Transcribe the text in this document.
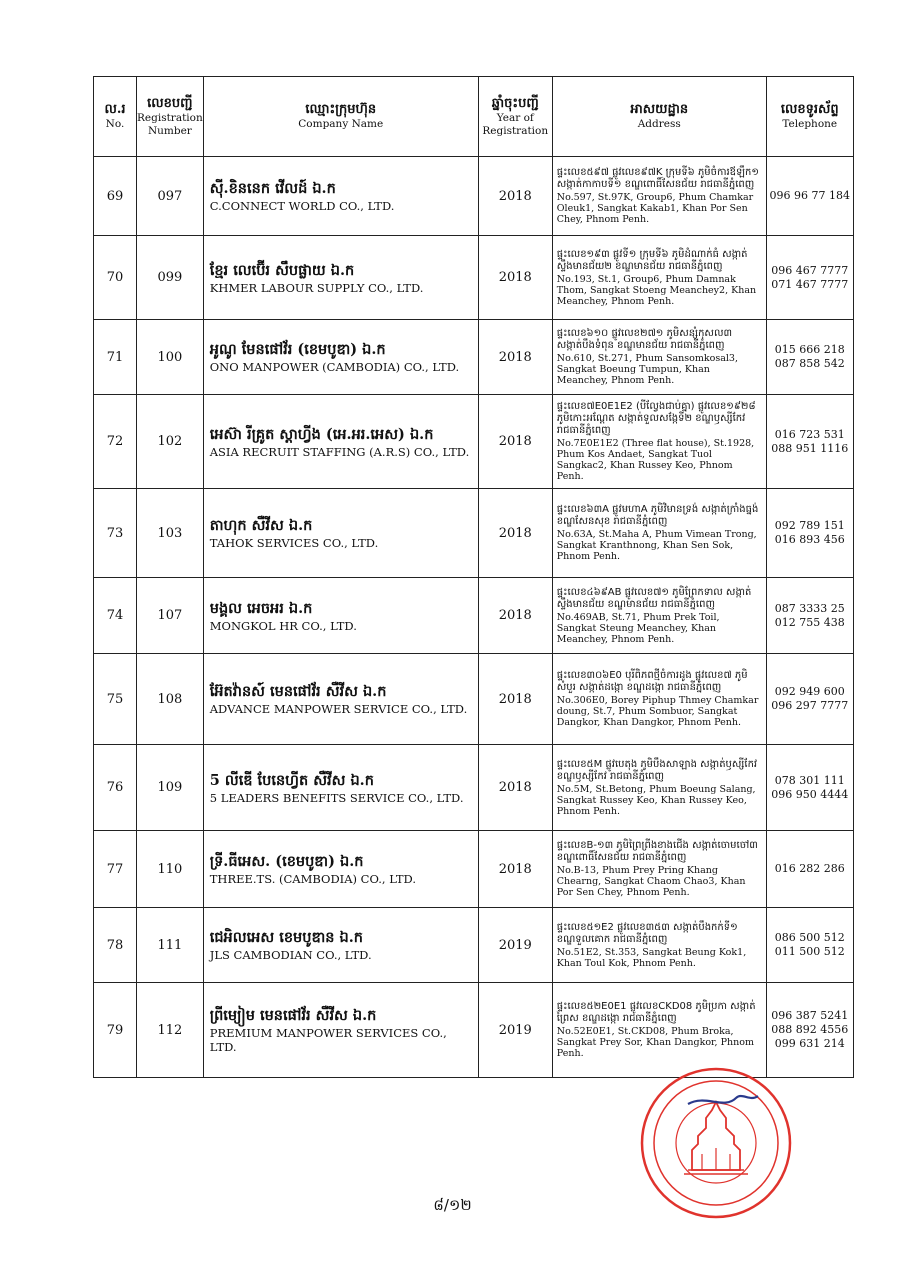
ល.រ
No.	លេខបញ្ជី
Registration Number	ឈ្មោះក្រុមហ៊ុន
Company Name	ឆ្នាំចុះបញ្ជី
Year of Registration	អាសយដ្ឋាន
Address	លេខទូរស័ព្ទ
Telephone

69	097	ស៊ី.ខិននេក វើលដ៍ ឯ.ក
C.CONNECT WORLD CO., LTD.	2018	ផ្ទះលេខ៥៩៧ ផ្លូវលេខ៩៧K ក្រុមទី៦ ភូមិចំការឪឡឹក១ សង្កាត់កាកាបទី១ ខណ្ឌពោធិ៍សែនជ័យ រាជធានីភ្នំពេញ
No.597, St.97K, Group6, Phum Chamkar Oleuk1, Sangkat Kakab1, Khan Por Sen Chey, Phnom Penh.	096 96 77 184

70	099	ខ្មែរ លេប៊ើរ សឹបផ្លាយ ឯ.ក
KHMER LABOUR SUPPLY CO., LTD.	2018	ផ្ទះលេខ១៩៣ ផ្លូវទី១ ក្រុមទី៦ ភូមិដំណាក់ធំ សង្កាត់ស្ទឹងមានជ័យ២ ខណ្ឌមានជ័យ រាជធានីភ្នំពេញ
No.193, St.1, Group6, Phum Damnak Thom, Sangkat Stoeng Meanchey2, Khan Meanchey, Phnom Penh.	096 467 7777
071 467 7777

71	100	អូណូ មែនផៅវ័រ (ខេមបូឌា) ឯ.ក
ONO MANPOWER (CAMBODIA) CO., LTD.	2018	ផ្ទះលេខ៦១០ ផ្លូវលេខ២៧១ ភូមិសន្សំកុសល៣ សង្កាត់បឹងទំពុន ខណ្ឌមានជ័យ រាជធានីភ្នំពេញ
No.610, St.271, Phum Sansomkosal3, Sangkat Boeung Tumpun, Khan Meanchey, Phnom Penh.	015 666 218
087 858 542

72	102	អេស៊ា រីគ្រូត ស្តាហ្វីង (អេ.អរ.អេស) ឯ.ក
ASIA RECRUIT STAFFING (A.R.S) CO., LTD.	2018	ផ្ទះលេខ៧E0E1E2 (បីល្វែងជាប់គ្នា) ផ្លូវលេខ១៩២៨ ភូមិកោះអណ្ដែត សង្កាត់ទួលសង្កែទី២ ខណ្ឌឫស្សីកែវ រាជធានីភ្នំពេញ
No.7E0E1E2 (Three flat house), St.1928, Phum Kos Andaet, Sangkat Tuol Sangkac2, Khan Russey Keo, Phnom Penh.	016 723 531
088 951 1116

73	103	តាហុក សឺវីស ឯ.ក
TAHOK SERVICES CO., LTD.	2018	ផ្ទះលេខ៦៣A ផ្លូវមហាA ភូមិវិមានទ្រង់ សង្កាត់ក្រាំងធ្នង់ ខណ្ឌសែនសុខ រាជធានីភ្នំពេញ
No.63A, St.Maha A, Phum Vimean Trong, Sangkat Kranthnong, Khan Sen Sok, Phnom Penh.	092 789 151
016 893 456

74	107	មង្គល អេចអរ ឯ.ក
MONGKOL HR CO., LTD.	2018	ផ្ទះលេខ៤៦៩AB ផ្លូវលេខ៧១ ភូមិព្រែកទាល សង្កាត់ស្ទឹងមានជ័យ ខណ្ឌមានជ័យ រាជធានីភ្នំពេញ
No.469AB, St.71, Phum Prek Toil, Sangkat Steung Meanchey, Khan Meanchey, Phnom Penh.	087 3333 25
012 755 438

75	108	អ៊ែតវ៉ានស៍ មេនផៅវ័រ សឺវីស ឯ.ក
ADVANCE MANPOWER SERVICE CO., LTD.	2018	ផ្ទះលេខ៣០៦E0 បុរីពិភពថ្មីចំការដូង ផ្លូវលេខ៧ ភូមិសំបួរ សង្កាត់ដង្កោ ខណ្ឌដង្កោ រាជធានីភ្នំពេញ
No.306E0, Borey Piphup Thmey Chamkar doung, St.7, Phum Sombuor, Sangkat Dangkor, Khan Dangkor, Phnom Penh.	092 949 600
096 297 7777

76	109	5 លីឌើ បែនេហ្វីត សឺវីស ឯ.ក
5 LEADERS BENEFITS SERVICE CO., LTD.	2018	ផ្ទះលេខ៥M ផ្លូវបេតុង ភូមិបឹងសាឡាង សង្កាត់ឫស្សីកែវ ខណ្ឌឫស្សីកែវ រាជធានីភ្នំពេញ
No.5M, St.Betong, Phum Boeung Salang, Sangkat Russey Keo, Khan Russey Keo, Phnom Penh.	078 301 111
096 950 4444

77	110	ទ្រី.ធីអេស. (ខេមបូឌា) ឯ.ក
THREE.TS. (CAMBODIA) CO., LTD.	2018	ផ្ទះលេខB-១៣ ភូមិព្រៃព្រីងខាងជើង សង្កាត់ចោមចៅ៣ ខណ្ឌពោធិ៍សែនជ័យ រាជធានីភ្នំពេញ
No.B-13, Phum Prey Pring Khang Chearng, Sangkat Chaom Chao3, Khan Por Sen Chey, Phnom Penh.	016 282 286

78	111	ជេអិលអេស ខេមបូឌាន ឯ.ក
JLS CAMBODIAN CO., LTD.	2019	ផ្ទះលេខ៥១E2 ផ្លូវលេខ៣៥៣ សង្កាត់បឹងកក់ទី១ ខណ្ឌទួលគោក រាជធានីភ្នំពេញ
No.51E2, St.353, Sangkat Beung Kok1, Khan Toul Kok, Phnom Penh.	086 500 512
011 500 512

79	112	ព្រីម្យៀម មេនផៅវ័រ សឺវីស ឯ.ក
PREMIUM MANPOWER SERVICES CO., LTD.	2019	ផ្ទះលេខ៥២E0E1 ផ្លូវលេខCKD08 ភូមិប្រកា សង្កាត់ព្រៃស ខណ្ឌដង្កោ រាជធានីភ្នំពេញ
No.52E0E1, St.CKD08, Phum Broka, Sangkat Prey Sor, Khan Dangkor, Phnom Penh.	096 387 5241
088 892 4556
099 631 214
៨/១២
